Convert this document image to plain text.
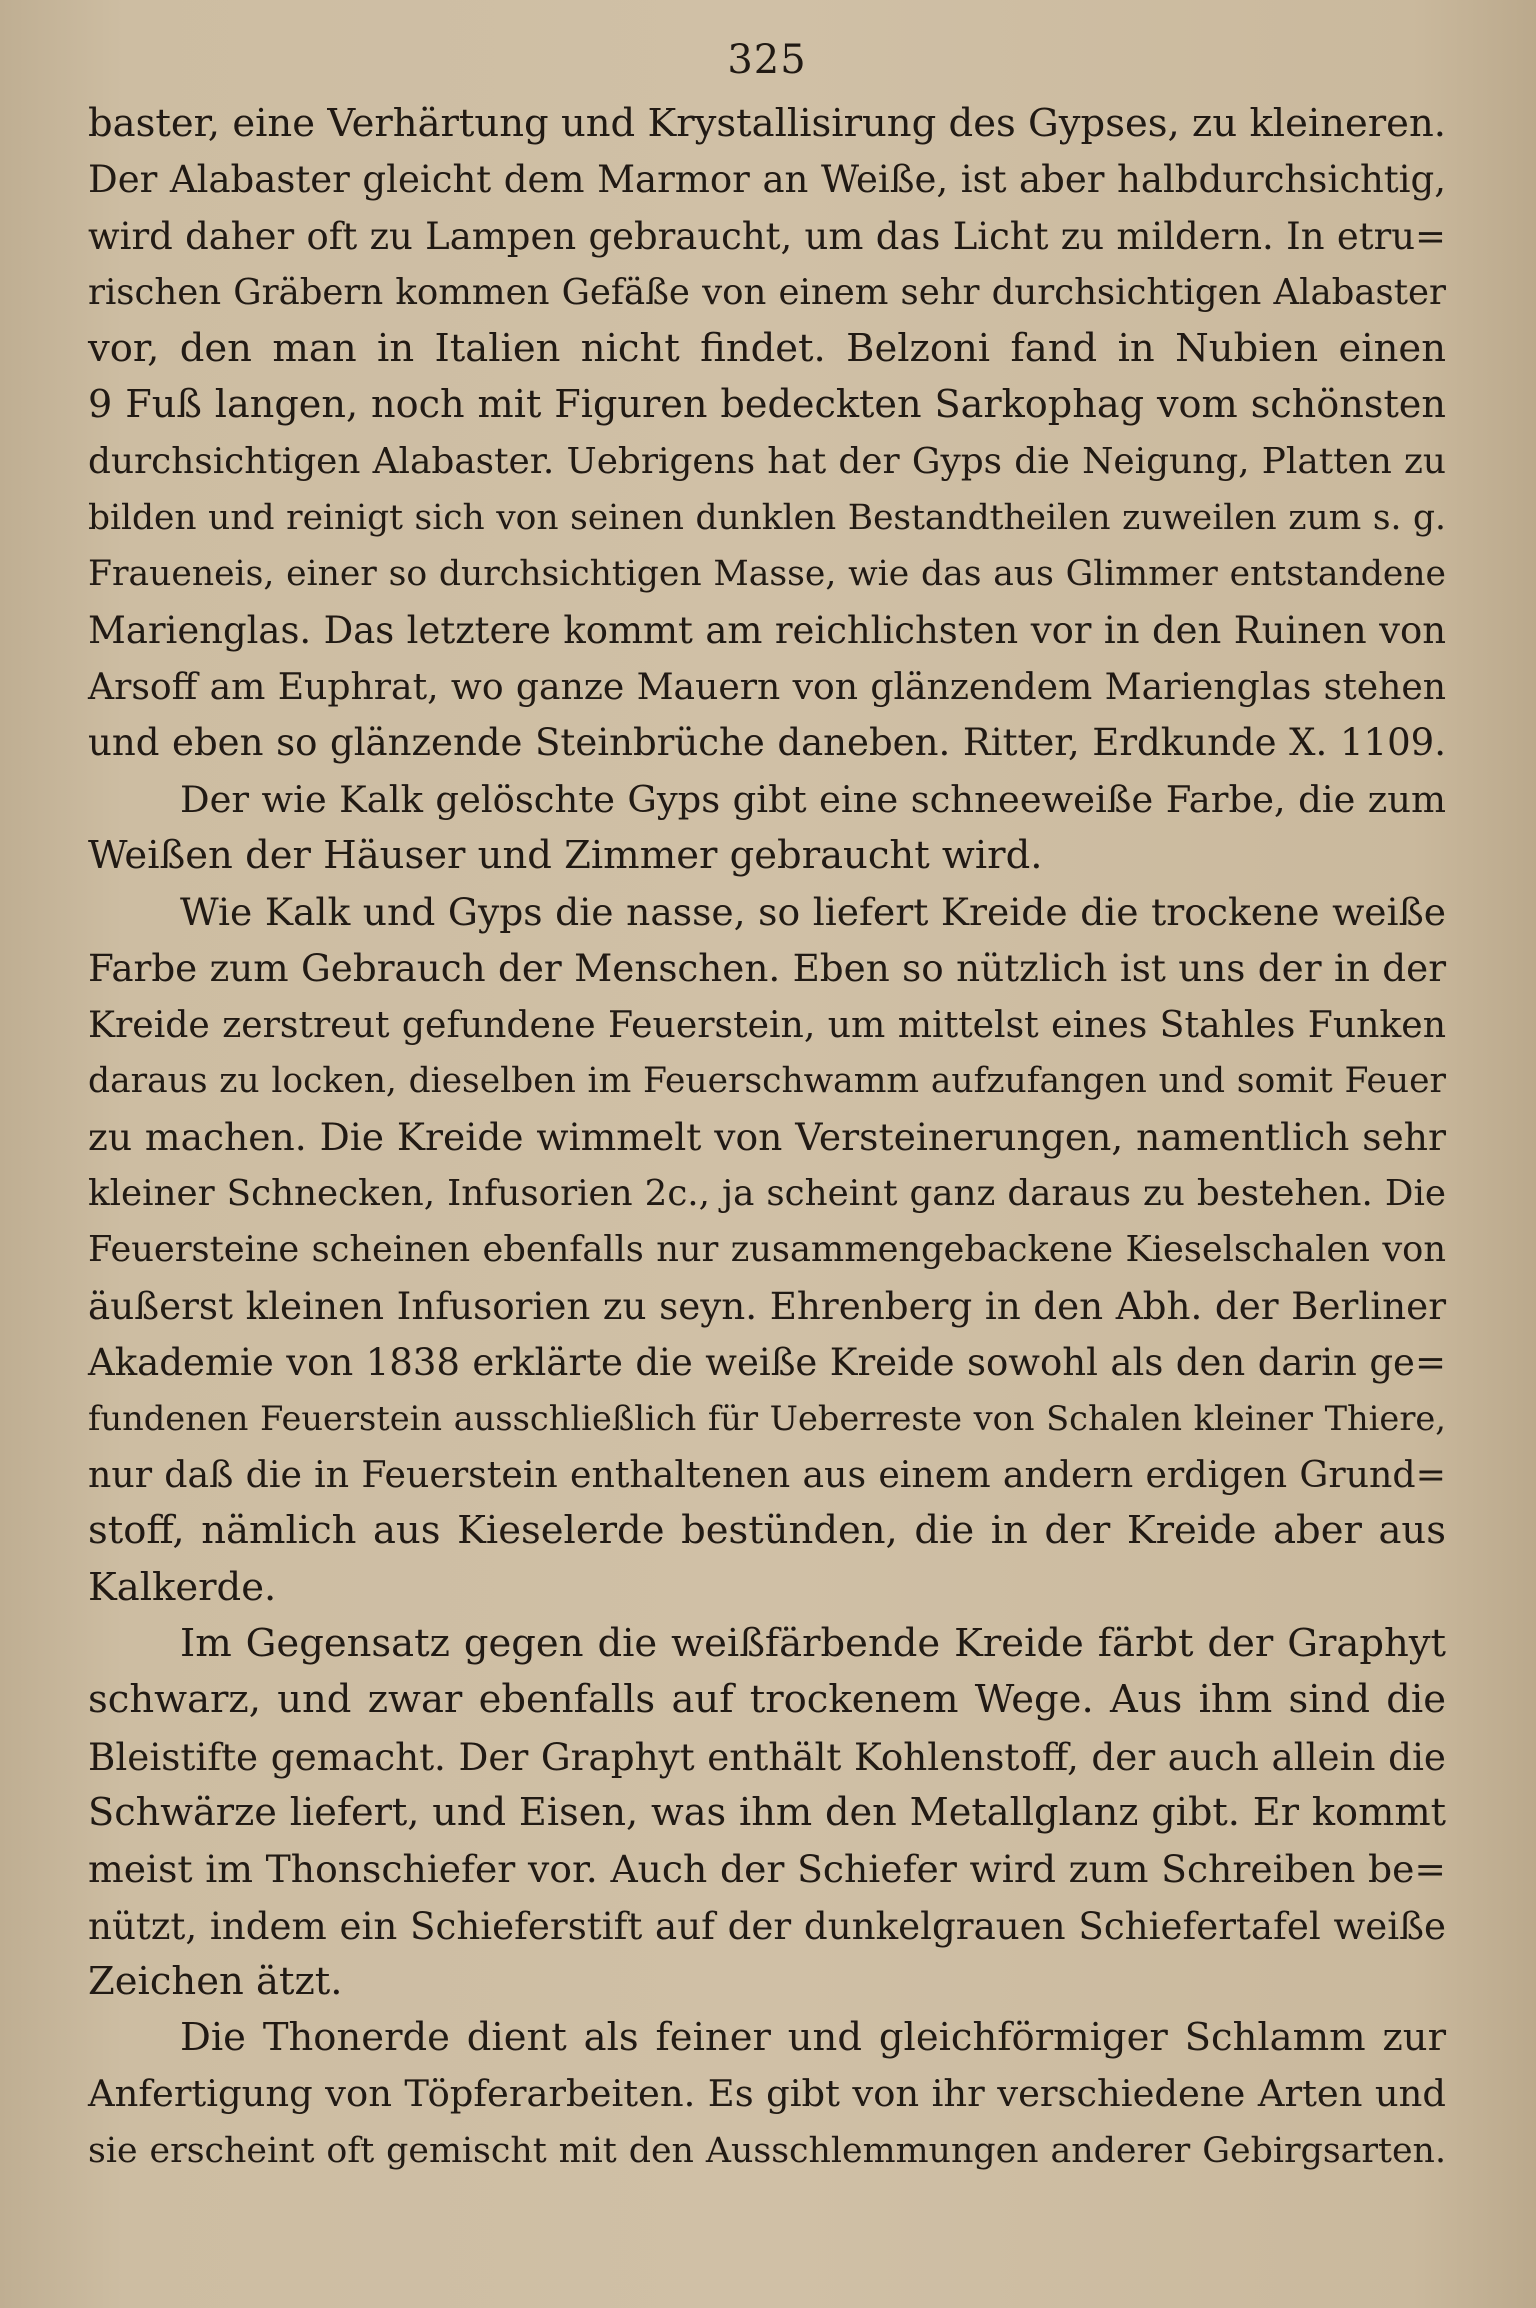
325
baster, eine Verhärtung und Krystallisirung des Gypses, zu kleineren.
Der Alabaster gleicht dem Marmor an Weiße, ist aber halbdurchsichtig,
wird daher oft zu Lampen gebraucht, um das Licht zu mildern. In etru=
rischen Gräbern kommen Gefäße von einem sehr durchsichtigen Alabaster
vor, den man in Italien nicht findet. Belzoni fand in Nubien einen
9 Fuß langen, noch mit Figuren bedeckten Sarkophag vom schönsten
durchsichtigen Alabaster. Uebrigens hat der Gyps die Neigung, Platten zu
bilden und reinigt sich von seinen dunklen Bestandtheilen zuweilen zum s. g.
Fraueneis, einer so durchsichtigen Masse, wie das aus Glimmer entstandene
Marienglas. Das letztere kommt am reichlichsten vor in den Ruinen von
Arsoff am Euphrat, wo ganze Mauern von glänzendem Marienglas stehen
und eben so glänzende Steinbrüche daneben. Ritter, Erdkunde X. 1109.
Der wie Kalk gelöschte Gyps gibt eine schneeweiße Farbe, die zum
Weißen der Häuser und Zimmer gebraucht wird.
Wie Kalk und Gyps die nasse, so liefert Kreide die trockene weiße
Farbe zum Gebrauch der Menschen. Eben so nützlich ist uns der in der
Kreide zerstreut gefundene Feuerstein, um mittelst eines Stahles Funken
daraus zu locken, dieselben im Feuerschwamm aufzufangen und somit Feuer
zu machen. Die Kreide wimmelt von Versteinerungen, namentlich sehr
kleiner Schnecken, Infusorien 2c., ja scheint ganz daraus zu bestehen. Die
Feuersteine scheinen ebenfalls nur zusammengebackene Kieselschalen von
äußerst kleinen Infusorien zu seyn. Ehrenberg in den Abh. der Berliner
Akademie von 1838 erklärte die weiße Kreide sowohl als den darin ge=
fundenen Feuerstein ausschließlich für Ueberreste von Schalen kleiner Thiere,
nur daß die in Feuerstein enthaltenen aus einem andern erdigen Grund=
stoff, nämlich aus Kieselerde bestünden, die in der Kreide aber aus
Kalkerde.
Im Gegensatz gegen die weißfärbende Kreide färbt der Graphyt
schwarz, und zwar ebenfalls auf trockenem Wege. Aus ihm sind die
Bleistifte gemacht. Der Graphyt enthält Kohlenstoff, der auch allein die
Schwärze liefert, und Eisen, was ihm den Metallglanz gibt. Er kommt
meist im Thonschiefer vor. Auch der Schiefer wird zum Schreiben be=
nützt, indem ein Schieferstift auf der dunkelgrauen Schiefertafel weiße
Zeichen ätzt.
Die Thonerde dient als feiner und gleichförmiger Schlamm zur
Anfertigung von Töpferarbeiten. Es gibt von ihr verschiedene Arten und
sie erscheint oft gemischt mit den Ausschlemmungen anderer Gebirgsarten.
